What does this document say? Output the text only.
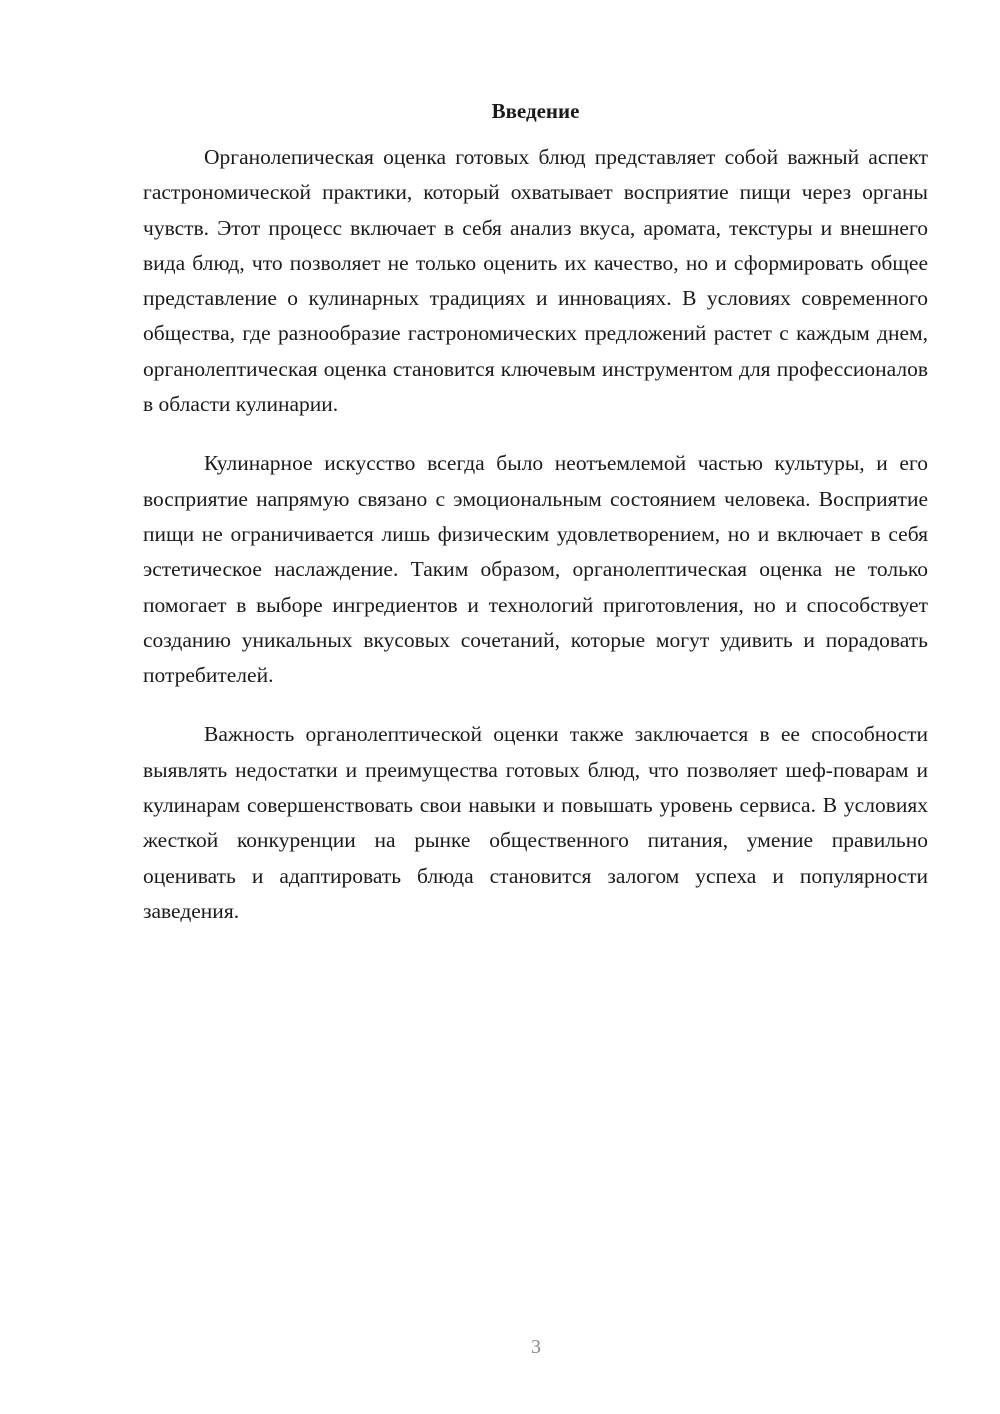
Введение

Органолепическая оценка готовых блюд представляет собой важный аспект гастрономической практики, который охватывает восприятие пищи через органы чувств. Этот процесс включает в себя анализ вкуса, аромата, текстуры и внешнего вида блюд, что позволяет не только оценить их качество, но и сформировать общее представление о кулинарных традициях и инновациях. В условиях современного общества, где разнообразие гастрономических предложений растет с каждым днем, органолептическая оценка становится ключевым инструментом для профессионалов в области кулинарии.

Кулинарное искусство всегда было неотъемлемой частью культуры, и его восприятие напрямую связано с эмоциональным состоянием человека. Восприятие пищи не ограничивается лишь физическим удовлетворением, но и включает в себя эстетическое наслаждение. Таким образом, органолептическая оценка не только помогает в выборе ингредиентов и технологий приготовления, но и способствует созданию уникальных вкусовых сочетаний, которые могут удивить и порадовать потребителей.

Важность органолептической оценки также заключается в ее способности выявлять недостатки и преимущества готовых блюд, что позволяет шеф-поварам и кулинарам совершенствовать свои навыки и повышать уровень сервиса. В условиях жесткой конкуренции на рынке общественного питания, умение правильно оценивать и адаптировать блюда становится залогом успеха и популярности заведения.

3
